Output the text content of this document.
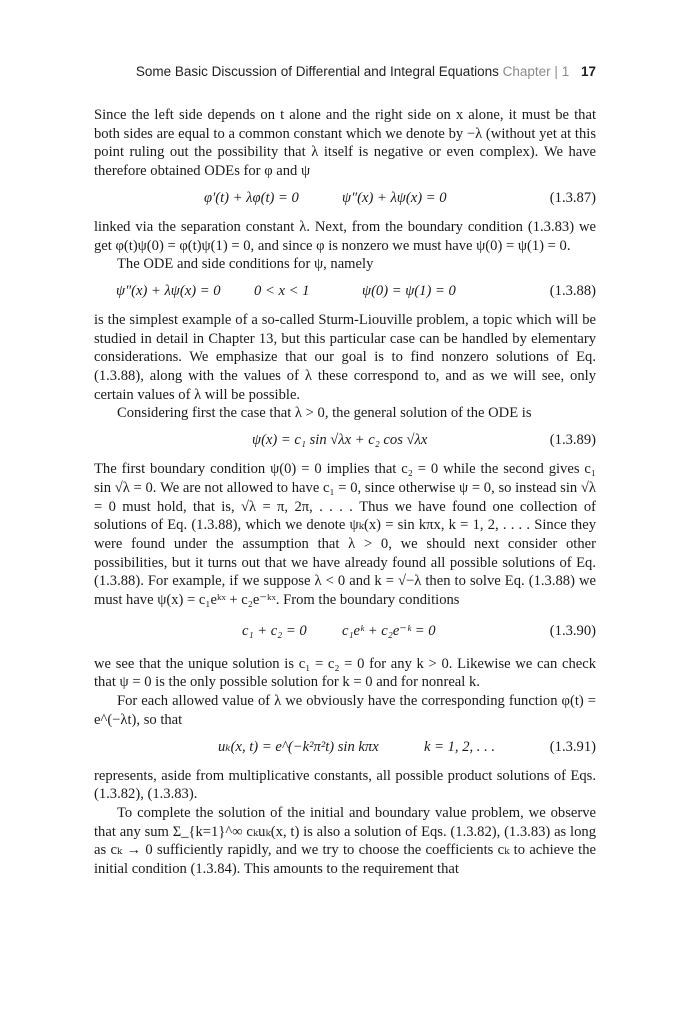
Some Basic Discussion of Differential and Integral Equations Chapter | 1 17

Since the left side depends on t alone and the right side on x alone, it must be that both sides are equal to a common constant which we denote by −λ (without yet at this point ruling out the possibility that λ itself is negative or even complex). We have therefore obtained ODEs for φ and ψ

φ′(t) + λφ(t) = 0	ψ″(x) + λψ(x) = 0	(1.3.87)

linked via the separation constant λ. Next, from the boundary condition (1.3.83) we get φ(t)ψ(0) = φ(t)ψ(1) = 0, and since φ is nonzero we must have ψ(0) = ψ(1) = 0.

The ODE and side conditions for ψ, namely

ψ″(x) + λψ(x) = 0 0 < x < 1	ψ(0) = ψ(1) = 0	(1.3.88)

is the simplest example of a so-called Sturm-Liouville problem, a topic which will be studied in detail in Chapter 13, but this particular case can be handled by elementary considerations. We emphasize that our goal is to find nonzero solutions of Eq. (1.3.88), along with the values of λ these correspond to, and as we will see, only certain values of λ will be possible.

Considering first the case that λ > 0, the general solution of the ODE is

ψ(x) = c₁ sin √λx + c₂ cos √λx	(1.3.89)

The first boundary condition ψ(0) = 0 implies that c₂ = 0 while the second gives c₁ sin √λ = 0. We are not allowed to have c₁ = 0, since otherwise ψ = 0, so instead sin √λ = 0 must hold, that is, √λ = π, 2π, . . . . Thus we have found one collection of solutions of Eq. (1.3.88), which we denote ψₖ(x) = sin kπx, k = 1, 2, . . . . Since they were found under the assumption that λ > 0, we should next consider other possibilities, but it turns out that we have already found all possible solutions of Eq. (1.3.88). For example, if we suppose λ < 0 and k = √−λ then to solve Eq. (1.3.88) we must have ψ(x) = c₁eᵏˣ + c₂e⁻ᵏˣ. From the boundary conditions

c₁ + c₂ = 0 c₁eᵏ + c₂e⁻ᵏ = 0	(1.3.90)

we see that the unique solution is c₁ = c₂ = 0 for any k > 0. Likewise we can check that ψ = 0 is the only possible solution for k = 0 and for nonreal k.

For each allowed value of λ we obviously have the corresponding function φ(t) = e^(−λt), so that

uₖ(x, t) = e^(−k²π²t) sin kπx	k = 1, 2, . . .	(1.3.91)

represents, aside from multiplicative constants, all possible product solutions of Eqs. (1.3.82), (1.3.83).

To complete the solution of the initial and boundary value problem, we observe that any sum Σ_{k=1}^∞ cₖuₖ(x, t) is also a solution of Eqs. (1.3.82), (1.3.83) as long as cₖ → 0 sufficiently rapidly, and we try to choose the coefficients cₖ to achieve the initial condition (1.3.84). This amounts to the requirement that
